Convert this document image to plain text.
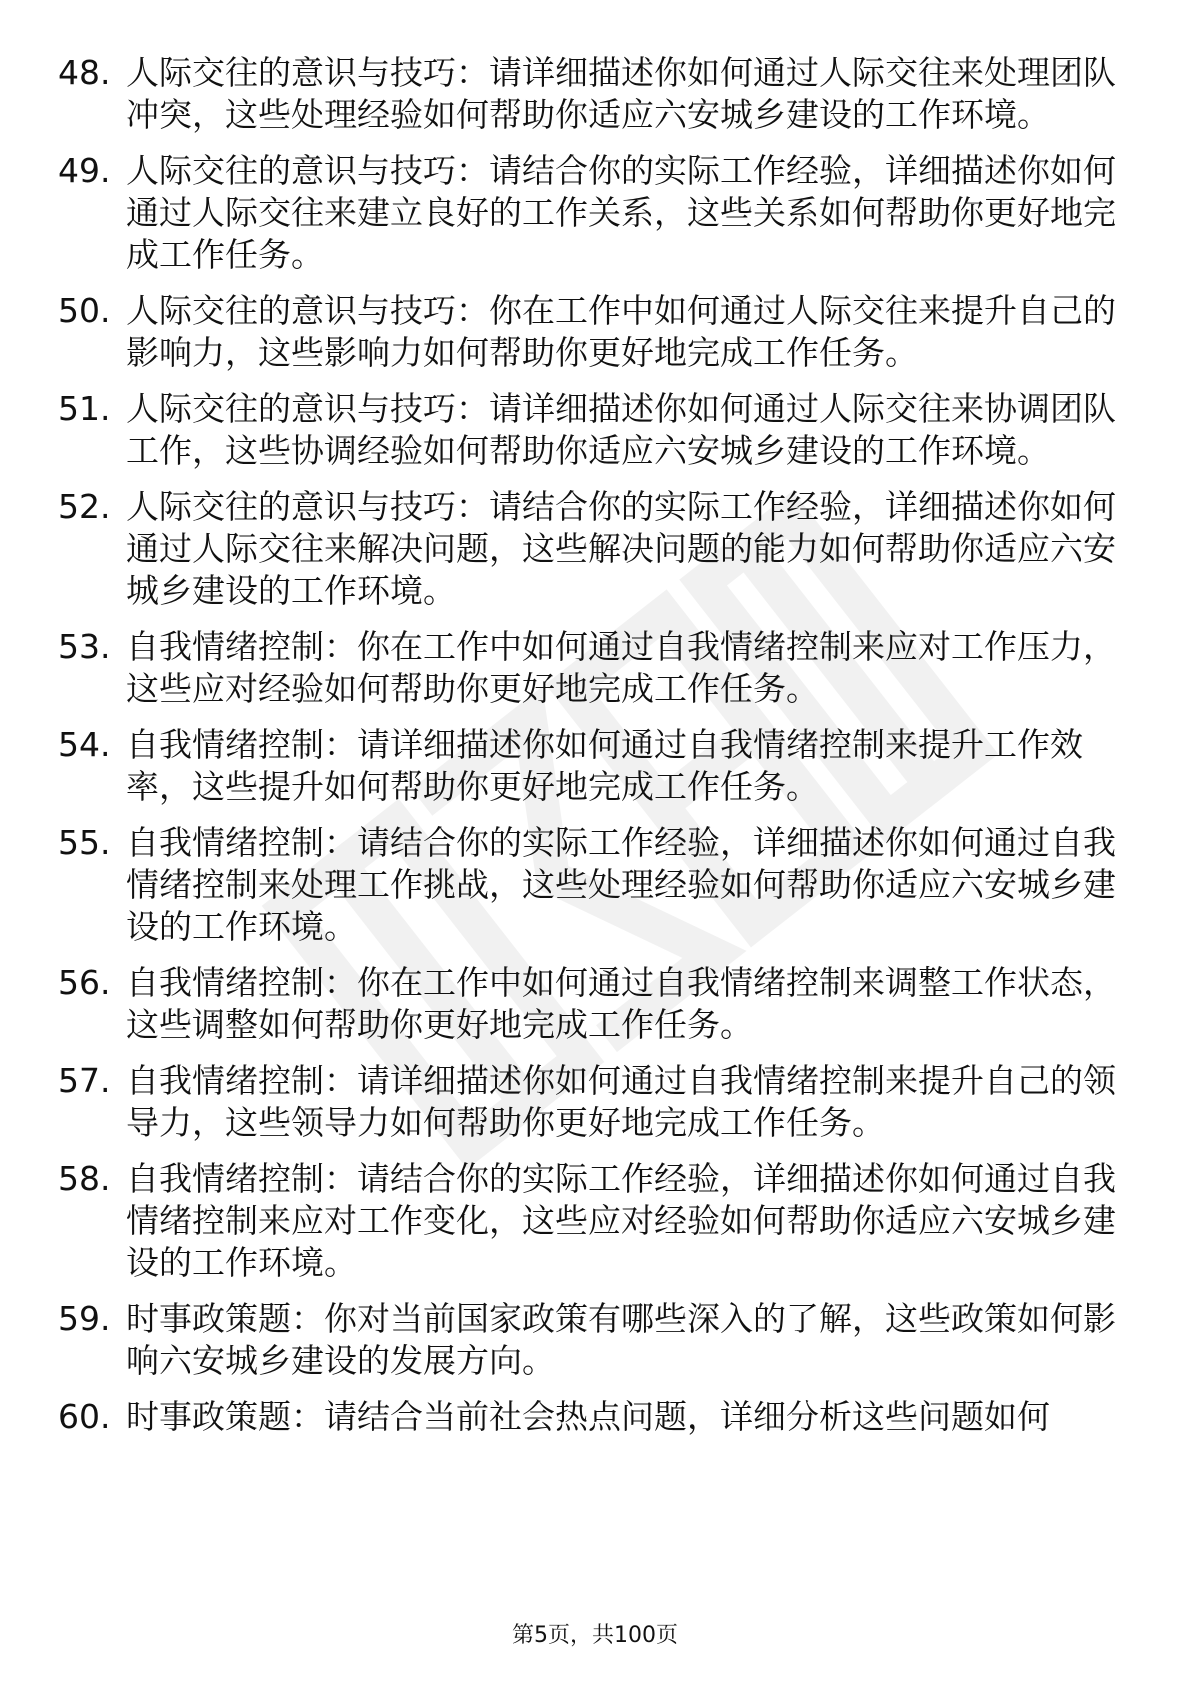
48. 人际交往的意识与技巧：请详细描述你如何通过人际交往来处理团队冲突，这些处理经验如何帮助你适应六安城乡建设的工作环境。
49. 人际交往的意识与技巧：请结合你的实际工作经验，详细描述你如何通过人际交往来建立良好的工作关系，这些关系如何帮助你更好地完成工作任务。
50. 人际交往的意识与技巧：你在工作中如何通过人际交往来提升自己的影响力，这些影响力如何帮助你更好地完成工作任务。
51. 人际交往的意识与技巧：请详细描述你如何通过人际交往来协调团队工作，这些协调经验如何帮助你适应六安城乡建设的工作环境。
52. 人际交往的意识与技巧：请结合你的实际工作经验，详细描述你如何通过人际交往来解决问题，这些解决问题的能力如何帮助你适应六安城乡建设的工作环境。
53. 自我情绪控制：你在工作中如何通过自我情绪控制来应对工作压力，这些应对经验如何帮助你更好地完成工作任务。
54. 自我情绪控制：请详细描述你如何通过自我情绪控制来提升工作效率，这些提升如何帮助你更好地完成工作任务。
55. 自我情绪控制：请结合你的实际工作经验，详细描述你如何通过自我情绪控制来处理工作挑战，这些处理经验如何帮助你适应六安城乡建设的工作环境。
56. 自我情绪控制：你在工作中如何通过自我情绪控制来调整工作状态，这些调整如何帮助你更好地完成工作任务。
57. 自我情绪控制：请详细描述你如何通过自我情绪控制来提升自己的领导力，这些领导力如何帮助你更好地完成工作任务。
58. 自我情绪控制：请结合你的实际工作经验，详细描述你如何通过自我情绪控制来应对工作变化，这些应对经验如何帮助你适应六安城乡建设的工作环境。
59. 时事政策题：你对当前国家政策有哪些深入的了解，这些政策如何影响六安城乡建设的发展方向。
60. 时事政策题：请结合当前社会热点问题，详细分析这些问题如何
第5页，共100页
